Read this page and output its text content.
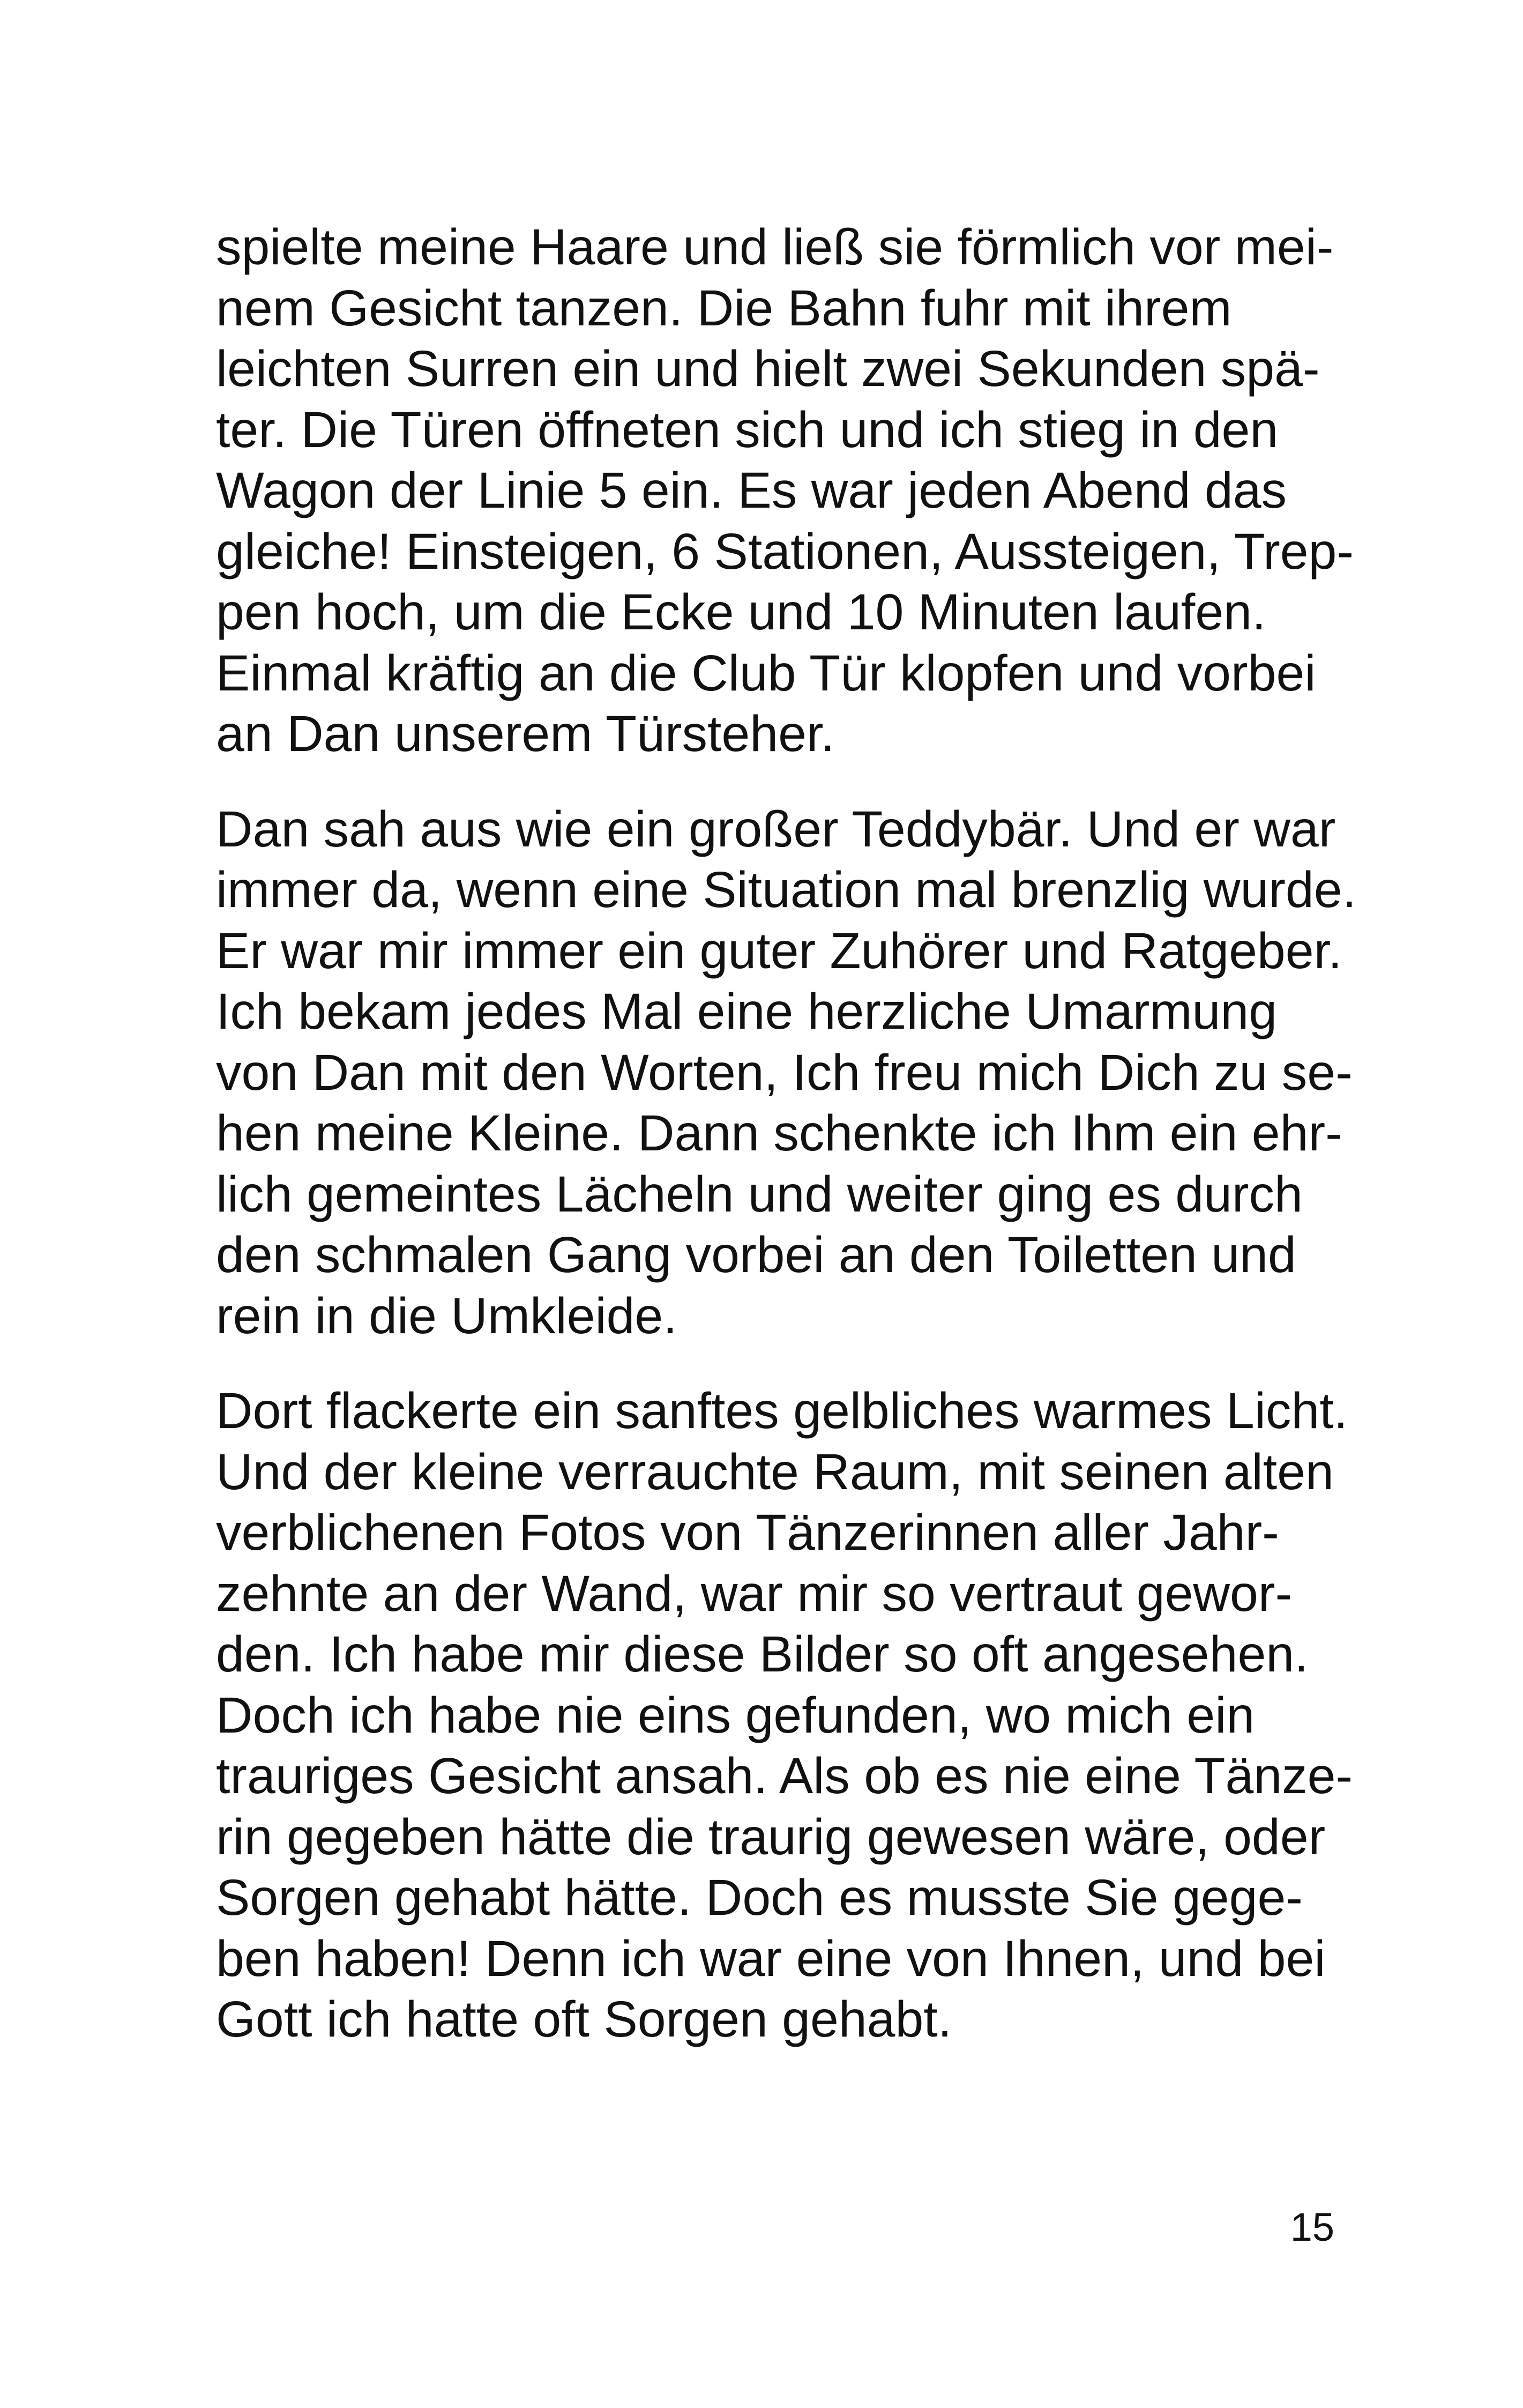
spielte meine Haare und ließ sie förmlich vor mei-
nem Gesicht tanzen. Die Bahn fuhr mit ihrem
leichten Surren ein und hielt zwei Sekunden spä-
ter. Die Türen öffneten sich und ich stieg in den
Wagon der Linie 5 ein. Es war jeden Abend das
gleiche! Einsteigen, 6 Stationen, Aussteigen, Trep-
pen hoch, um die Ecke und 10 Minuten laufen.
Einmal kräftig an die Club Tür klopfen und vorbei
an Dan unserem Türsteher.

Dan sah aus wie ein großer Teddybär. Und er war
immer da, wenn eine Situation mal brenzlig wurde.
Er war mir immer ein guter Zuhörer und Ratgeber.
Ich bekam jedes Mal eine herzliche Umarmung
von Dan mit den Worten, Ich freu mich Dich zu se-
hen meine Kleine. Dann schenkte ich Ihm ein ehr-
lich gemeintes Lächeln und weiter ging es durch
den schmalen Gang vorbei an den Toiletten und
rein in die Umkleide.

Dort flackerte ein sanftes gelbliches warmes Licht.
Und der kleine verrauchte Raum, mit seinen alten
verblichenen Fotos von Tänzerinnen aller Jahr-
zehnte an der Wand, war mir so vertraut gewor-
den. Ich habe mir diese Bilder so oft angesehen.
Doch ich habe nie eins gefunden, wo mich ein
trauriges Gesicht ansah. Als ob es nie eine Tänze-
rin gegeben hätte die traurig gewesen wäre, oder
Sorgen gehabt hätte. Doch es musste Sie gege-
ben haben! Denn ich war eine von Ihnen, und bei
Gott ich hatte oft Sorgen gehabt.

15
